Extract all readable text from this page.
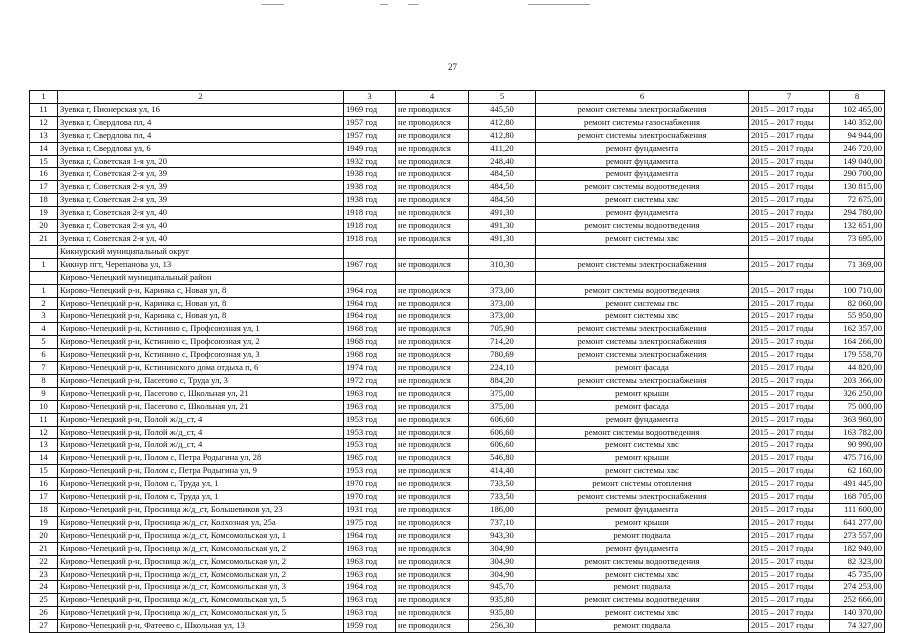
27
1	2	3	4	5	6	7	8
11	Зуевка г, Пионерская ул, 16	1969 год	не проводился	445,50	ремонт системы электроснабжения	2015 – 2017 годы	102 465,00
12	Зуевка г, Свердлова пл, 4	1957 год	не проводился	412,80	ремонт системы газоснабжения	2015 – 2017 годы	140 352,00
13	Зуевка г, Свердлова пл, 4	1957 год	не проводился	412,80	ремонт системы электроснабжения	2015 – 2017 годы	94 944,00
14	Зуевка г, Свердлова ул, 6	1949 год	не проводился	411,20	ремонт фундамента	2015 – 2017 годы	246 720,00
15	Зуевка г, Советская 1-я ул, 20	1932 год	не проводился	248,40	ремонт фундамента	2015 – 2017 годы	149 040,00
16	Зуевка г, Советская 2-я ул, 39	1938 год	не проводился	484,50	ремонт фундамента	2015 – 2017 годы	290 700,00
17	Зуевка г, Советская 2-я ул, 39	1938 год	не проводился	484,50	ремонт системы водоотведения	2015 – 2017 годы	130 815,00
18	Зуевка г, Советская 2-я ул, 39	1938 год	не проводился	484,50	ремонт системы хвс	2015 – 2017 годы	72 675,00
19	Зуевка г, Советская 2-я ул, 40	1918 год	не проводился	491,30	ремонт фундамента	2015 – 2017 годы	294 780,00
20	Зуевка г, Советская 2-я ул, 40	1918 год	не проводился	491,30	ремонт системы водоотведения	2015 – 2017 годы	132 651,00
21	Зуевка г, Советская 2-я ул, 40	1918 год	не проводился	491,30	ремонт системы хвс	2015 – 2017 годы	73 695,00
	Кикнурский муниципальный округ						
1	Кикнур пгт, Черепанова ул, 13	1967 год	не проводился	310,30	ремонт системы электроснабжения	2015 – 2017 годы	71 369,00
	Кирово-Чепецкий муниципальный район						
1	Кирово-Чепецкий р-н, Каринка с, Новая ул, 8	1964 год	не проводился	373,00	ремонт системы водоотведения	2015 – 2017 годы	100 710,00
2	Кирово-Чепецкий р-н, Каринка с, Новая ул, 8	1964 год	не проводился	373,00	ремонт системы гвс	2015 – 2017 годы	82 060,00
3	Кирово-Чепецкий р-н, Каринка с, Новая ул, 8	1964 год	не проводился	373,00	ремонт системы хвс	2015 – 2017 годы	55 950,00
4	Кирово-Чепецкий р-н, Кстинино с, Профсоюзная ул, 1	1968 год	не проводился	705,90	ремонт системы электроснабжения	2015 – 2017 годы	162 357,00
5	Кирово-Чепецкий р-н, Кстинино с, Профсоюзная ул, 2	1968 год	не проводился	714,20	ремонт системы электроснабжения	2015 – 2017 годы	164 266,00
6	Кирово-Чепецкий р-н, Кстинино с, Профсоюзная ул, 3	1968 год	не проводился	780,69	ремонт системы электроснабжения	2015 – 2017 годы	179 558,70
7	Кирово-Чепецкий р-н, Кстининского дома отдыха п, 6	1974 год	не проводился	224,10	ремонт фасада	2015 – 2017 годы	44 820,00
8	Кирово-Чепецкий р-н, Пасегово с, Труда ул, 3	1972 год	не проводился	884,20	ремонт системы электроснабжения	2015 – 2017 годы	203 366,00
9	Кирово-Чепецкий р-н, Пасегово с, Школьная ул, 21	1963 год	не проводился	375,00	ремонт крыши	2015 – 2017 годы	326 250,00
10	Кирово-Чепецкий р-н, Пасегово с, Школьная ул, 21	1963 год	не проводился	375,00	ремонт фасада	2015 – 2017 годы	75 000,00
11	Кирово-Чепецкий р-н, Полой ж/д_ст, 4	1953 год	не проводился	606,60	ремонт фундамента	2015 – 2017 годы	363 960,00
12	Кирово-Чепецкий р-н, Полой ж/д_ст, 4	1953 год	не проводился	606,60	ремонт системы водоотведения	2015 – 2017 годы	163 782,00
13	Кирово-Чепецкий р-н, Полой ж/д_ст, 4	1953 год	не проводился	606,60	ремонт системы хвс	2015 – 2017 годы	90 990,00
14	Кирово-Чепецкий р-н, Полом с, Петра Родыгина ул, 28	1965 год	не проводился	546,80	ремонт крыши	2015 – 2017 годы	475 716,00
15	Кирово-Чепецкий р-н, Полом с, Петра Родыгина ул, 9	1953 год	не проводился	414,40	ремонт системы хвс	2015 – 2017 годы	62 160,00
16	Кирово-Чепецкий р-н, Полом с, Труда ул, 1	1970 год	не проводился	733,50	ремонт системы отопления	2015 – 2017 годы	491 445,00
17	Кирово-Чепецкий р-н, Полом с, Труда ул, 1	1970 год	не проводился	733,50	ремонт системы электроснабжения	2015 – 2017 годы	168 705,00
18	Кирово-Чепецкий р-н, Просница ж/д_ст, Большевиков ул, 23	1931 год	не проводился	186,00	ремонт фундамента	2015 – 2017 годы	111 600,00
19	Кирово-Чепецкий р-н, Просница ж/д_ст, Колхозная ул, 25а	1975 год	не проводился	737,10	ремонт крыши	2015 – 2017 годы	641 277,00
20	Кирово-Чепецкий р-н, Просница ж/д_ст, Комсомольская ул, 1	1964 год	не проводился	943,30	ремонт подвала	2015 – 2017 годы	273 557,00
21	Кирово-Чепецкий р-н, Просница ж/д_ст, Комсомольская ул, 2	1963 год	не проводился	304,90	ремонт фундамента	2015 – 2017 годы	182 940,00
22	Кирово-Чепецкий р-н, Просница ж/д_ст, Комсомольская ул, 2	1963 год	не проводился	304,90	ремонт системы водоотведения	2015 – 2017 годы	82 323,00
23	Кирово-Чепецкий р-н, Просница ж/д_ст, Комсомольская ул, 2	1963 год	не проводился	304,90	ремонт системы хвс	2015 – 2017 годы	45 735,00
24	Кирово-Чепецкий р-н, Просница ж/д_ст, Комсомольская ул, 3	1964 год	не проводился	945,70	ремонт подвала	2015 – 2017 годы	274 253,00
25	Кирово-Чепецкий р-н, Просница ж/д_ст, Комсомольская ул, 5	1963 год	не проводился	935,80	ремонт системы водоотведения	2015 – 2017 годы	252 666,00
26	Кирово-Чепецкий р-н, Просница ж/д_ст, Комсомольская ул, 5	1963 год	не проводился	935,80	ремонт системы хвс	2015 – 2017 годы	140 370,00
27	Кирово-Чепецкий р-н, Фатеево с, Школьная ул, 13	1959 год	не проводился	256,30	ремонт подвала	2015 – 2017 годы	74 327,00
